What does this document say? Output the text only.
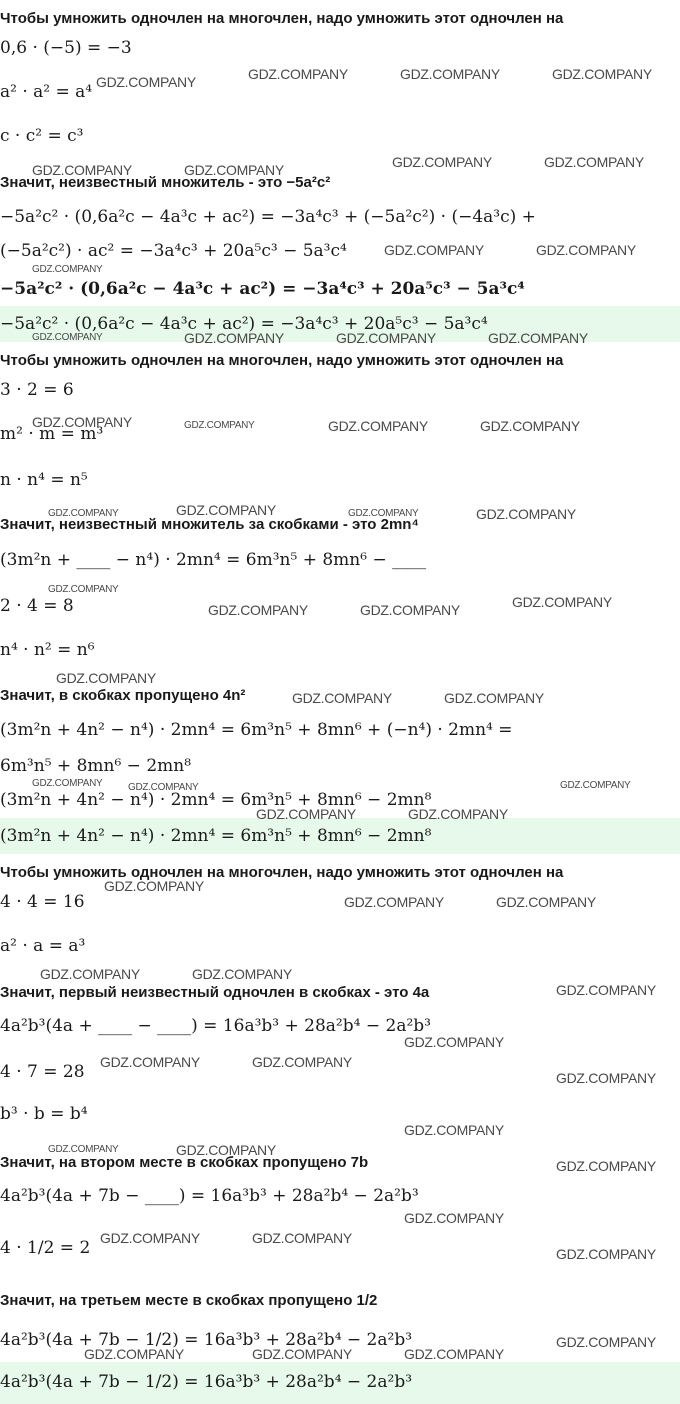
Чтобы умножить одночлен на многочлен, надо умножить этот одночлен на
0,6 · (−5) = −3
a² · a² = a⁴
c · c² = c³
Значит, неизвестный множитель - это −5a²c²
−5a²c² · (0,6a²c − 4a³c + ac²) = −3a⁴c³ + (−5a²c²) · (−4a³c) +
(−5a²c²) · ac² = −3a⁴c³ + 20a⁵c³ − 5a³c⁴
−5a²c² · (0,6a²c − 4a³c + ac²) = −3a⁴c³ + 20a⁵c³ − 5a³c⁴
−5a²c² · (0,6a²c − 4a³c + ac²) = −3a⁴c³ + 20a⁵c³ − 5a³c⁴
Чтобы умножить одночлен на многочлен, надо умножить этот одночлен на
3 · 2 = 6
m² · m = m³
n · n⁴ = n⁵
Значит, неизвестный множитель за скобками - это 2mn⁴
(3m²n + ____ − n⁴) · 2mn⁴ = 6m³n⁵ + 8mn⁶ − ____
2 · 4 = 8
n⁴ · n² = n⁶
Значит, в скобках пропущено 4n²
(3m²n + 4n² − n⁴) · 2mn⁴ = 6m³n⁵ + 8mn⁶ + (−n⁴) · 2mn⁴ =
6m³n⁵ + 8mn⁶ − 2mn⁸
(3m²n + 4n² − n⁴) · 2mn⁴ = 6m³n⁵ + 8mn⁶ − 2mn⁸
(3m²n + 4n² − n⁴) · 2mn⁴ = 6m³n⁵ + 8mn⁶ − 2mn⁸
Чтобы умножить одночлен на многочлен, надо умножить этот одночлен на
4 · 4 = 16
a² · a = a³
Значит, первый неизвестный одночлен в скобках - это 4a
4a²b³(4a + ____ − ____) = 16a³b³ + 28a²b⁴ − 2a²b³
4 · 7 = 28
b³ · b = b⁴
Значит, на втором месте в скобках пропущено 7b
4a²b³(4a + 7b − ____) = 16a³b³ + 28a²b⁴ − 2a²b³
4 · 1/2 = 2
Значит, на третьем месте в скобках пропущено 1/2
4a²b³(4a + 7b − 1/2) = 16a³b³ + 28a²b⁴ − 2a²b³
4a²b³(4a + 7b − 1/2) = 16a³b³ + 28a²b⁴ − 2a²b³
GDZ.COMPANY	GDZ.COMPANY	GDZ.COMPANY	GDZ.COMPANY
GDZ.COMPANY	GDZ.COMPANY	GDZ.COMPANY	GDZ.COMPANY
GDZ.COMPANY	GDZ.COMPANY
GDZ.COMPANY
GDZ.COMPANY	GDZ.COMPANY	GDZ.COMPANY	GDZ.COMPANY
GDZ.COMPANY	GDZ.COMPANY	GDZ.COMPANY	GDZ.COMPANY
GDZ.COMPANY	GDZ.COMPANY	GDZ.COMPANY	GDZ.COMPANY
GDZ.COMPANY
GDZ.COMPANY	GDZ.COMPANY	GDZ.COMPANY
GDZ.COMPANY
GDZ.COMPANY	GDZ.COMPANY
GDZ.COMPANY	GDZ.COMPANY	GDZ.COMPANY
GDZ.COMPANY	GDZ.COMPANY
GDZ.COMPANY
GDZ.COMPANY	GDZ.COMPANY
GDZ.COMPANY	GDZ.COMPANY
GDZ.COMPANY
GDZ.COMPANY
GDZ.COMPANY	GDZ.COMPANY
GDZ.COMPANY
GDZ.COMPANY
GDZ.COMPANY	GDZ.COMPANY
GDZ.COMPANY
GDZ.COMPANY
GDZ.COMPANY	GDZ.COMPANY
GDZ.COMPANY
GDZ.COMPANY
GDZ.COMPANY	GDZ.COMPANY	GDZ.COMPANY
